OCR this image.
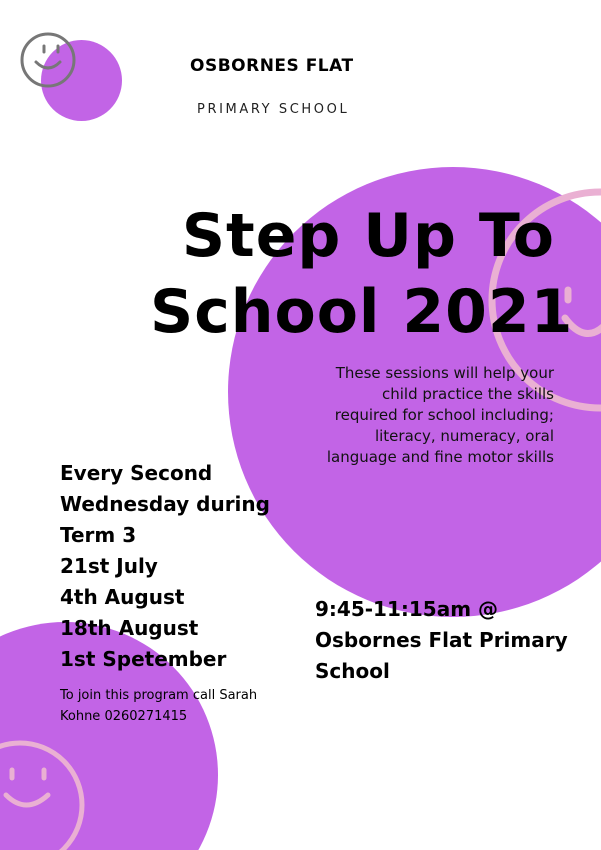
OSBORNES FLAT
PRIMARY SCHOOL
Step Up To
School 2021
These sessions will help your child practice the skills required for school including; literacy, numeracy, oral language and fine motor skills
Every Second
Wednesday during
Term 3
21st July
4th August
18th August
1st Spetember
9:45-11:15am @ Osbornes Flat Primary School
To join this program call Sarah Kohne 0260271415
